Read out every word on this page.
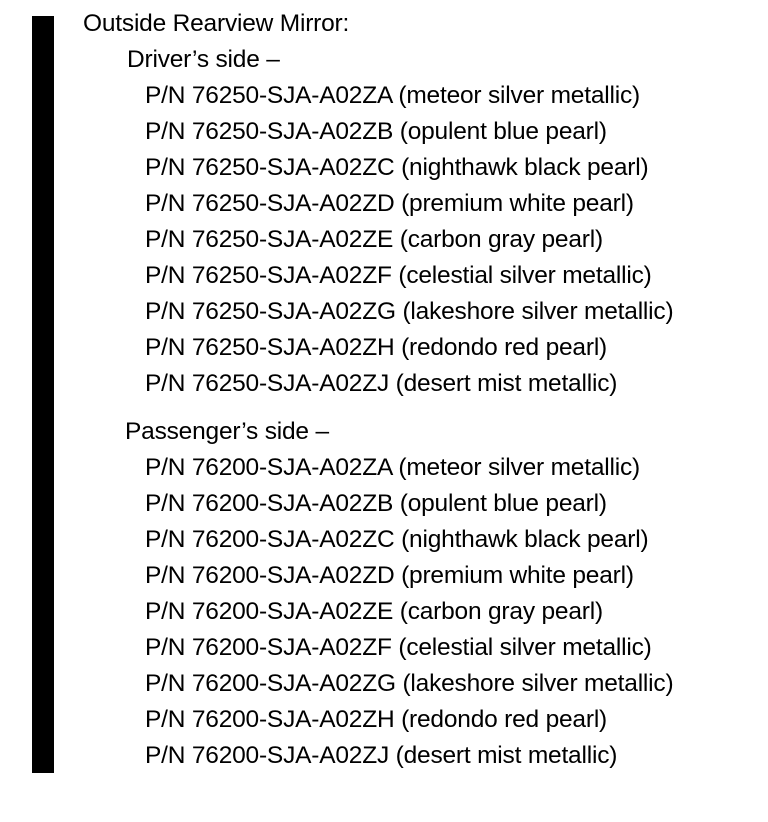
Outside Rearview Mirror:
Driver’s side –
P/N 76250-SJA-A02ZA (meteor silver metallic)
P/N 76250-SJA-A02ZB (opulent blue pearl)
P/N 76250-SJA-A02ZC (nighthawk black pearl)
P/N 76250-SJA-A02ZD (premium white pearl)
P/N 76250-SJA-A02ZE (carbon gray pearl)
P/N 76250-SJA-A02ZF (celestial silver metallic)
P/N 76250-SJA-A02ZG (lakeshore silver metallic)
P/N 76250-SJA-A02ZH (redondo red pearl)
P/N 76250-SJA-A02ZJ (desert mist metallic)
Passenger’s side –
P/N 76200-SJA-A02ZA (meteor silver metallic)
P/N 76200-SJA-A02ZB (opulent blue pearl)
P/N 76200-SJA-A02ZC (nighthawk black pearl)
P/N 76200-SJA-A02ZD (premium white pearl)
P/N 76200-SJA-A02ZE (carbon gray pearl)
P/N 76200-SJA-A02ZF (celestial silver metallic)
P/N 76200-SJA-A02ZG (lakeshore silver metallic)
P/N 76200-SJA-A02ZH (redondo red pearl)
P/N 76200-SJA-A02ZJ (desert mist metallic)
